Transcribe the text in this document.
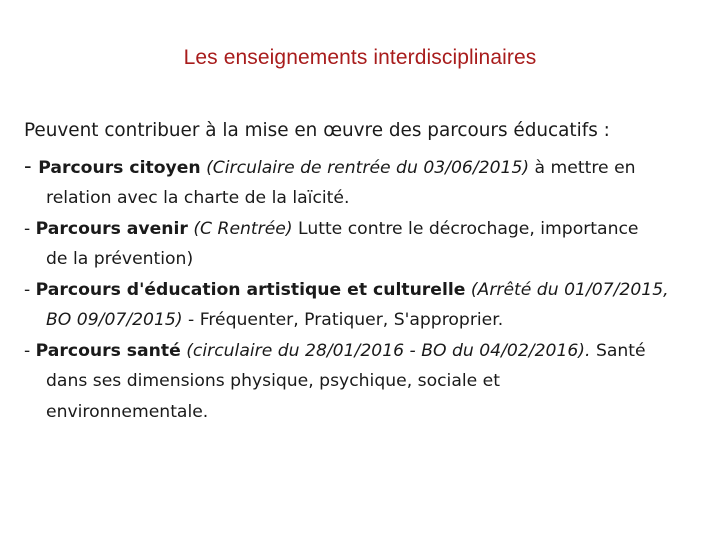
Les enseignements interdisciplinaires
Peuvent contribuer à la mise en œuvre des parcours éducatifs :
- Parcours citoyen (Circulaire de rentrée du 03/06/2015) à mettre en
relation avec la charte de la laïcité.
- Parcours avenir (C Rentrée) Lutte contre le décrochage, importance
de la prévention)
- Parcours d'éducation artistique et culturelle (Arrêté du 01/07/2015,
BO 09/07/2015) - Fréquenter, Pratiquer, S'approprier.
- Parcours santé (circulaire du 28/01/2016 - BO du 04/02/2016). Santé
dans ses dimensions physique, psychique, sociale et
environnementale.
